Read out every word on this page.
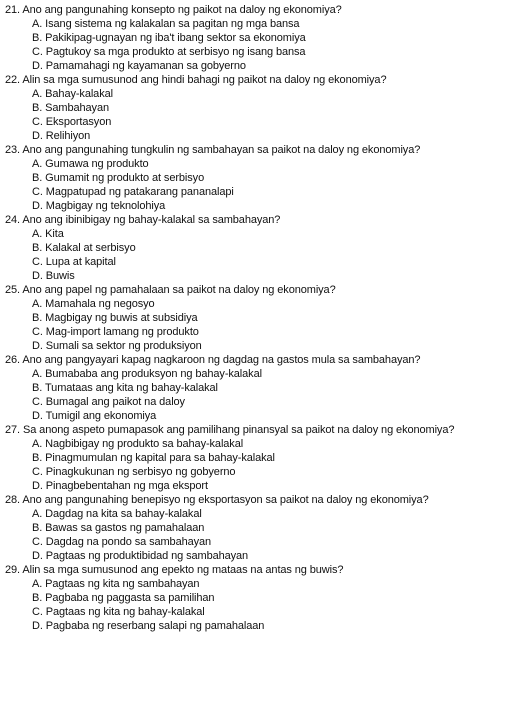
21. Ano ang pangunahing konsepto ng paikot na daloy ng ekonomiya?
A. Isang sistema ng kalakalan sa pagitan ng mga bansa
B. Pakikipag-ugnayan ng iba't ibang sektor sa ekonomiya
C. Pagtukoy sa mga produkto at serbisyo ng isang bansa
D. Pamamahagi ng kayamanan sa gobyerno
22. Alin sa mga sumusunod ang hindi bahagi ng paikot na daloy ng ekonomiya?
A. Bahay-kalakal
B. Sambahayan
C. Eksportasyon
D. Relihiyon
23. Ano ang pangunahing tungkulin ng sambahayan sa paikot na daloy ng ekonomiya?
A. Gumawa ng produkto
B. Gumamit ng produkto at serbisyo
C. Magpatupad ng patakarang pananalapi
D. Magbigay ng teknolohiya
24. Ano ang ibinibigay ng bahay-kalakal sa sambahayan?
A. Kita
B. Kalakal at serbisyo
C. Lupa at kapital
D. Buwis
25. Ano ang papel ng pamahalaan sa paikot na daloy ng ekonomiya?
A. Mamahala ng negosyo
B. Magbigay ng buwis at subsidiya
C. Mag-import lamang ng produkto
D. Sumali sa sektor ng produksiyon
26. Ano ang pangyayari kapag nagkaroon ng dagdag na gastos mula sa sambahayan?
A. Bumababa ang produksyon ng bahay-kalakal
B. Tumataas ang kita ng bahay-kalakal
C. Bumagal ang paikot na daloy
D. Tumigil ang ekonomiya
27. Sa anong aspeto pumapasok ang pamilihang pinansyal sa paikot na daloy ng ekonomiya?
A. Nagbibigay ng produkto sa bahay-kalakal
B. Pinagmumulan ng kapital para sa bahay-kalakal
C. Pinagkukunan ng serbisyo ng gobyerno
D. Pinagbebentahan ng mga eksport
28. Ano ang pangunahing benepisyo ng eksportasyon sa paikot na daloy ng ekonomiya?
A. Dagdag na kita sa bahay-kalakal
B. Bawas sa gastos ng pamahalaan
C. Dagdag na pondo sa sambahayan
D. Pagtaas ng produktibidad ng sambahayan
29. Alin sa mga sumusunod ang epekto ng mataas na antas ng buwis?
A. Pagtaas ng kita ng sambahayan
B. Pagbaba ng paggasta sa pamilihan
C. Pagtaas ng kita ng bahay-kalakal
D. Pagbaba ng reserbang salapi ng pamahalaan
